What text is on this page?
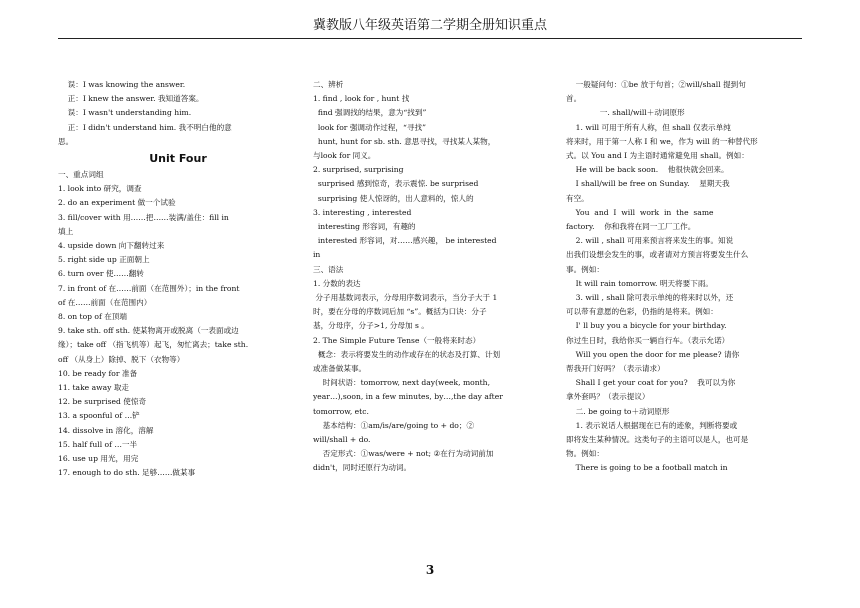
冀教版八年级英语第二学期全册知识重点
误：I was knowing the answer.
正：I knew the answer. 我知道答案。
误：I wasn't understanding him.
正：I didn't understand him. 我不明白他的意
思。
Unit Four
一、重点词组
1. look into 研究，调查
2. do an experiment 做一个试验
3. fill/cover with 用……把……装满/盖住：fill in
填上
4. upside down 向下翻转过来
5. right side up 正面朝上
6. turn over 使……翻转
7. in front of 在……前面（在范围外）；in the front
of 在……前面（在范围内）
8. on top of 在顶端
9. take sth. off sth. 使某物离开或脱离（一表面或边
缘）；take off （指飞机等）起飞，匆忙离去；take sth.
off （从身上）除掉、脱下（衣物等）
10. be ready for 准备
11. take away 取走
12. be surprised 使惊奇
13. a spoonful of …铲
14. dissolve in 溶化，溶解
15. half full of …一半
16. use up 用光，用完
17. enough to do sth. 足够……做某事
二、辨析
1. find , look for , hunt 找
find 强调找的结果，意为“找到”
look for 强调动作过程，“寻找”
hunt, hunt for sb. sth. 意思寻找，寻找某人某物，
与look for 同义。
2. surprised, surprising
surprised 感到惊奇，表示震惊. be surprised
surprising 使人惊讶的，出人意料的，惊人的
3. interesting , interested
interesting 形容词，有趣的
interested 形容词，对……感兴趣， be interested
in
三、语法
1. 分数的表达
分子用基数词表示，分母用序数词表示，当分子大于 1
时，要在分母的序数词后加 “s”。概括为口诀：分子
基，分母序，分子>1, 分母加 s 。
2. The Simple Future Tense（一般将来时态）
概念：表示将要发生的动作或存在的状态及打算、计划
或准备做某事。
时间状语：tomorrow, next day(week, month,
year…),soon, in a few minutes, by…,the day after
tomorrow, etc.
基本结构：①am/is/are/going to + do；②
will/shall + do.
否定形式：①was/were + not; ②在行为动词前加
didn't，同时还原行为动词。
一般疑问句：①be 放于句首；②will/shall 提到句
首。
一. shall/will＋动词原形
1. will 可用于所有人称，但 shall 仅表示单纯
将来时，用于第一人称 I 和 we，作为 will 的一种替代形
式。以 You and I 为主语时通常避免用 shall。例如：
He will be back soon.    他很快就会回来。
I shall/will be free on Sunday.    星期天我
有空。
You  and  I  will  work  in  the  same
factory.    你和我将在同一工厂工作。
2. will , shall 可用来预言将来发生的事。知说
出我们设想会发生的事，或者请对方预言将要发生什么
事。例如：
It will rain tomorrow. 明天将要下雨。
3. will , shall 除可表示单纯的将来时以外，还
可以带有意愿的色彩，仍指的是将来。例如：
I' ll buy you a bicycle for your birthday.
你过生日时，我给你买一辆自行车。（表示允诺）
Will you open the door for me please? 请你
帮我开门好吗？（表示请求）
Shall I get your coat for you?    我可以为你
拿外套吗？（表示提议）
二. be going to＋动词原形
1. 表示说话人根据现在已有的迹象，判断将要或
即将发生某种情况。这类句子的主语可以是人，也可是
物。例如：
There is going to be a football match in
3
